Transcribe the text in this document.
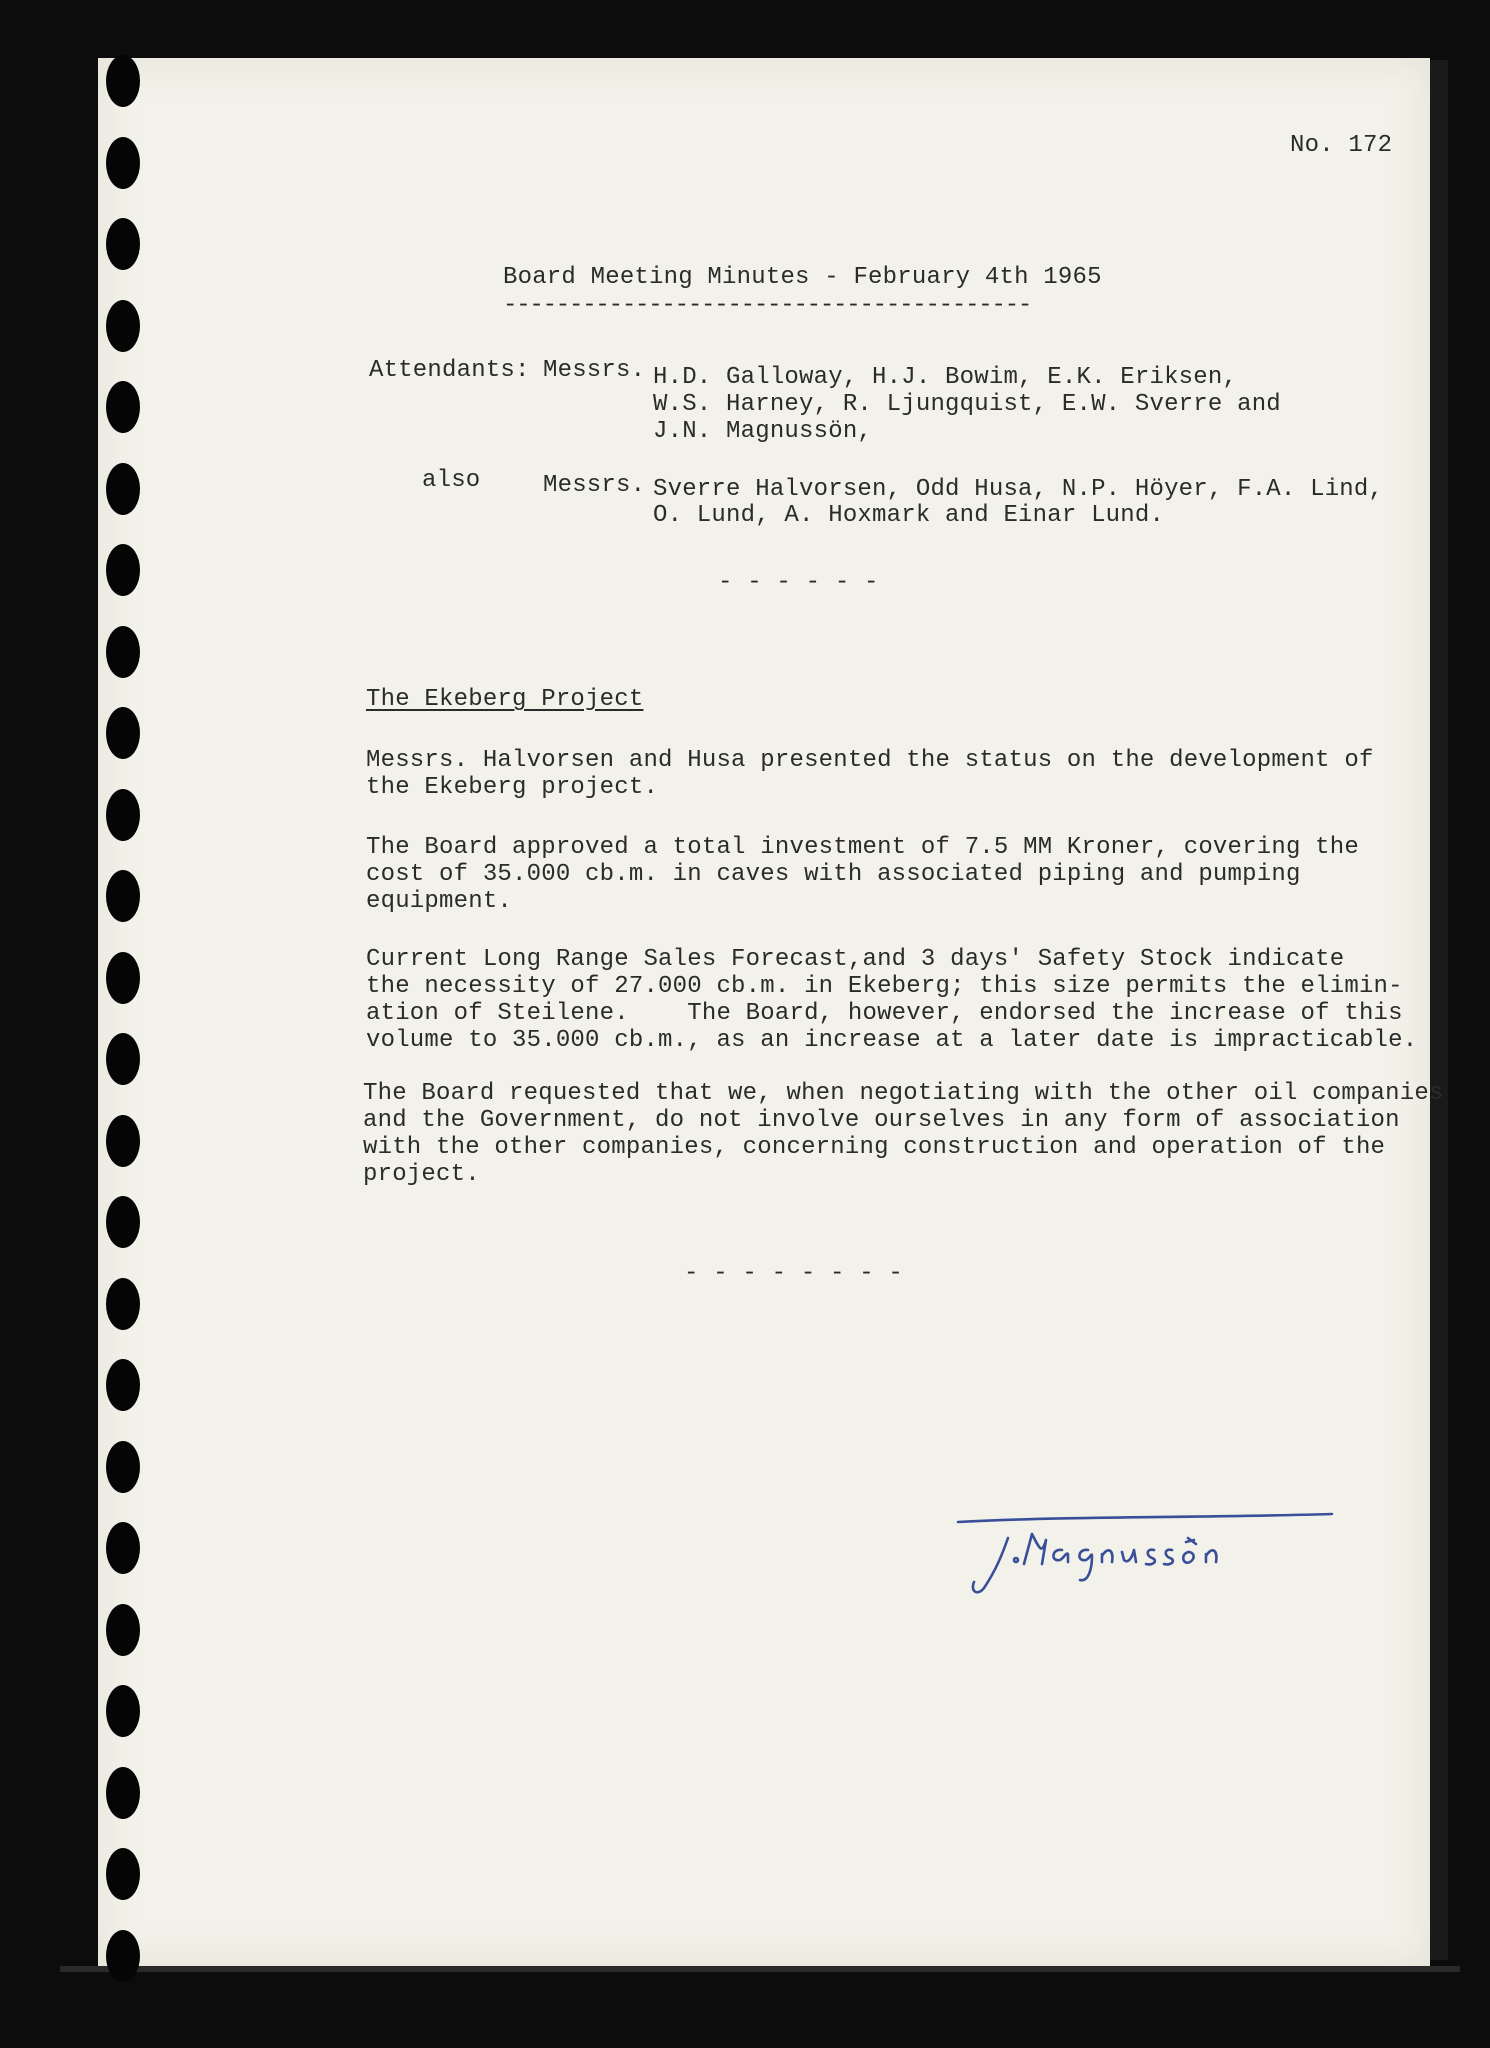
No. 172
Board Meeting Minutes - February 4th 1965
----------------------------------------
Attendants: Messrs. H.D. Galloway, H.J. Bowim, E.K. Eriksen,
W.S. Harney, R. Ljungquist, E.W. Sverre and
J.N. Magnussön,
also	Messrs. Sverre Halvorsen, Odd Husa, N.P. Höyer, F.A. Lind,
O. Lund, A. Hoxmark and Einar Lund.
- - - - - -
The Ekeberg Project
Messrs. Halvorsen and Husa presented the status on the development of
the Ekeberg project.
The Board approved a total investment of 7.5 MM Kroner, covering the
cost of 35.000 cb.m. in caves with associated piping and pumping
equipment.
Current Long Range Sales Forecast,and 3 days' Safety Stock indicate
the necessity of 27.000 cb.m. in Ekeberg; this size permits the elimin-
ation of Steilene.    The Board, however, endorsed the increase of this
volume to 35.000 cb.m., as an increase at a later date is impracticable.
The Board requested that we, when negotiating with the other oil companies
and the Government, do not involve ourselves in any form of association
with the other companies, concerning construction and operation of the
project.
- - - - - - - -
